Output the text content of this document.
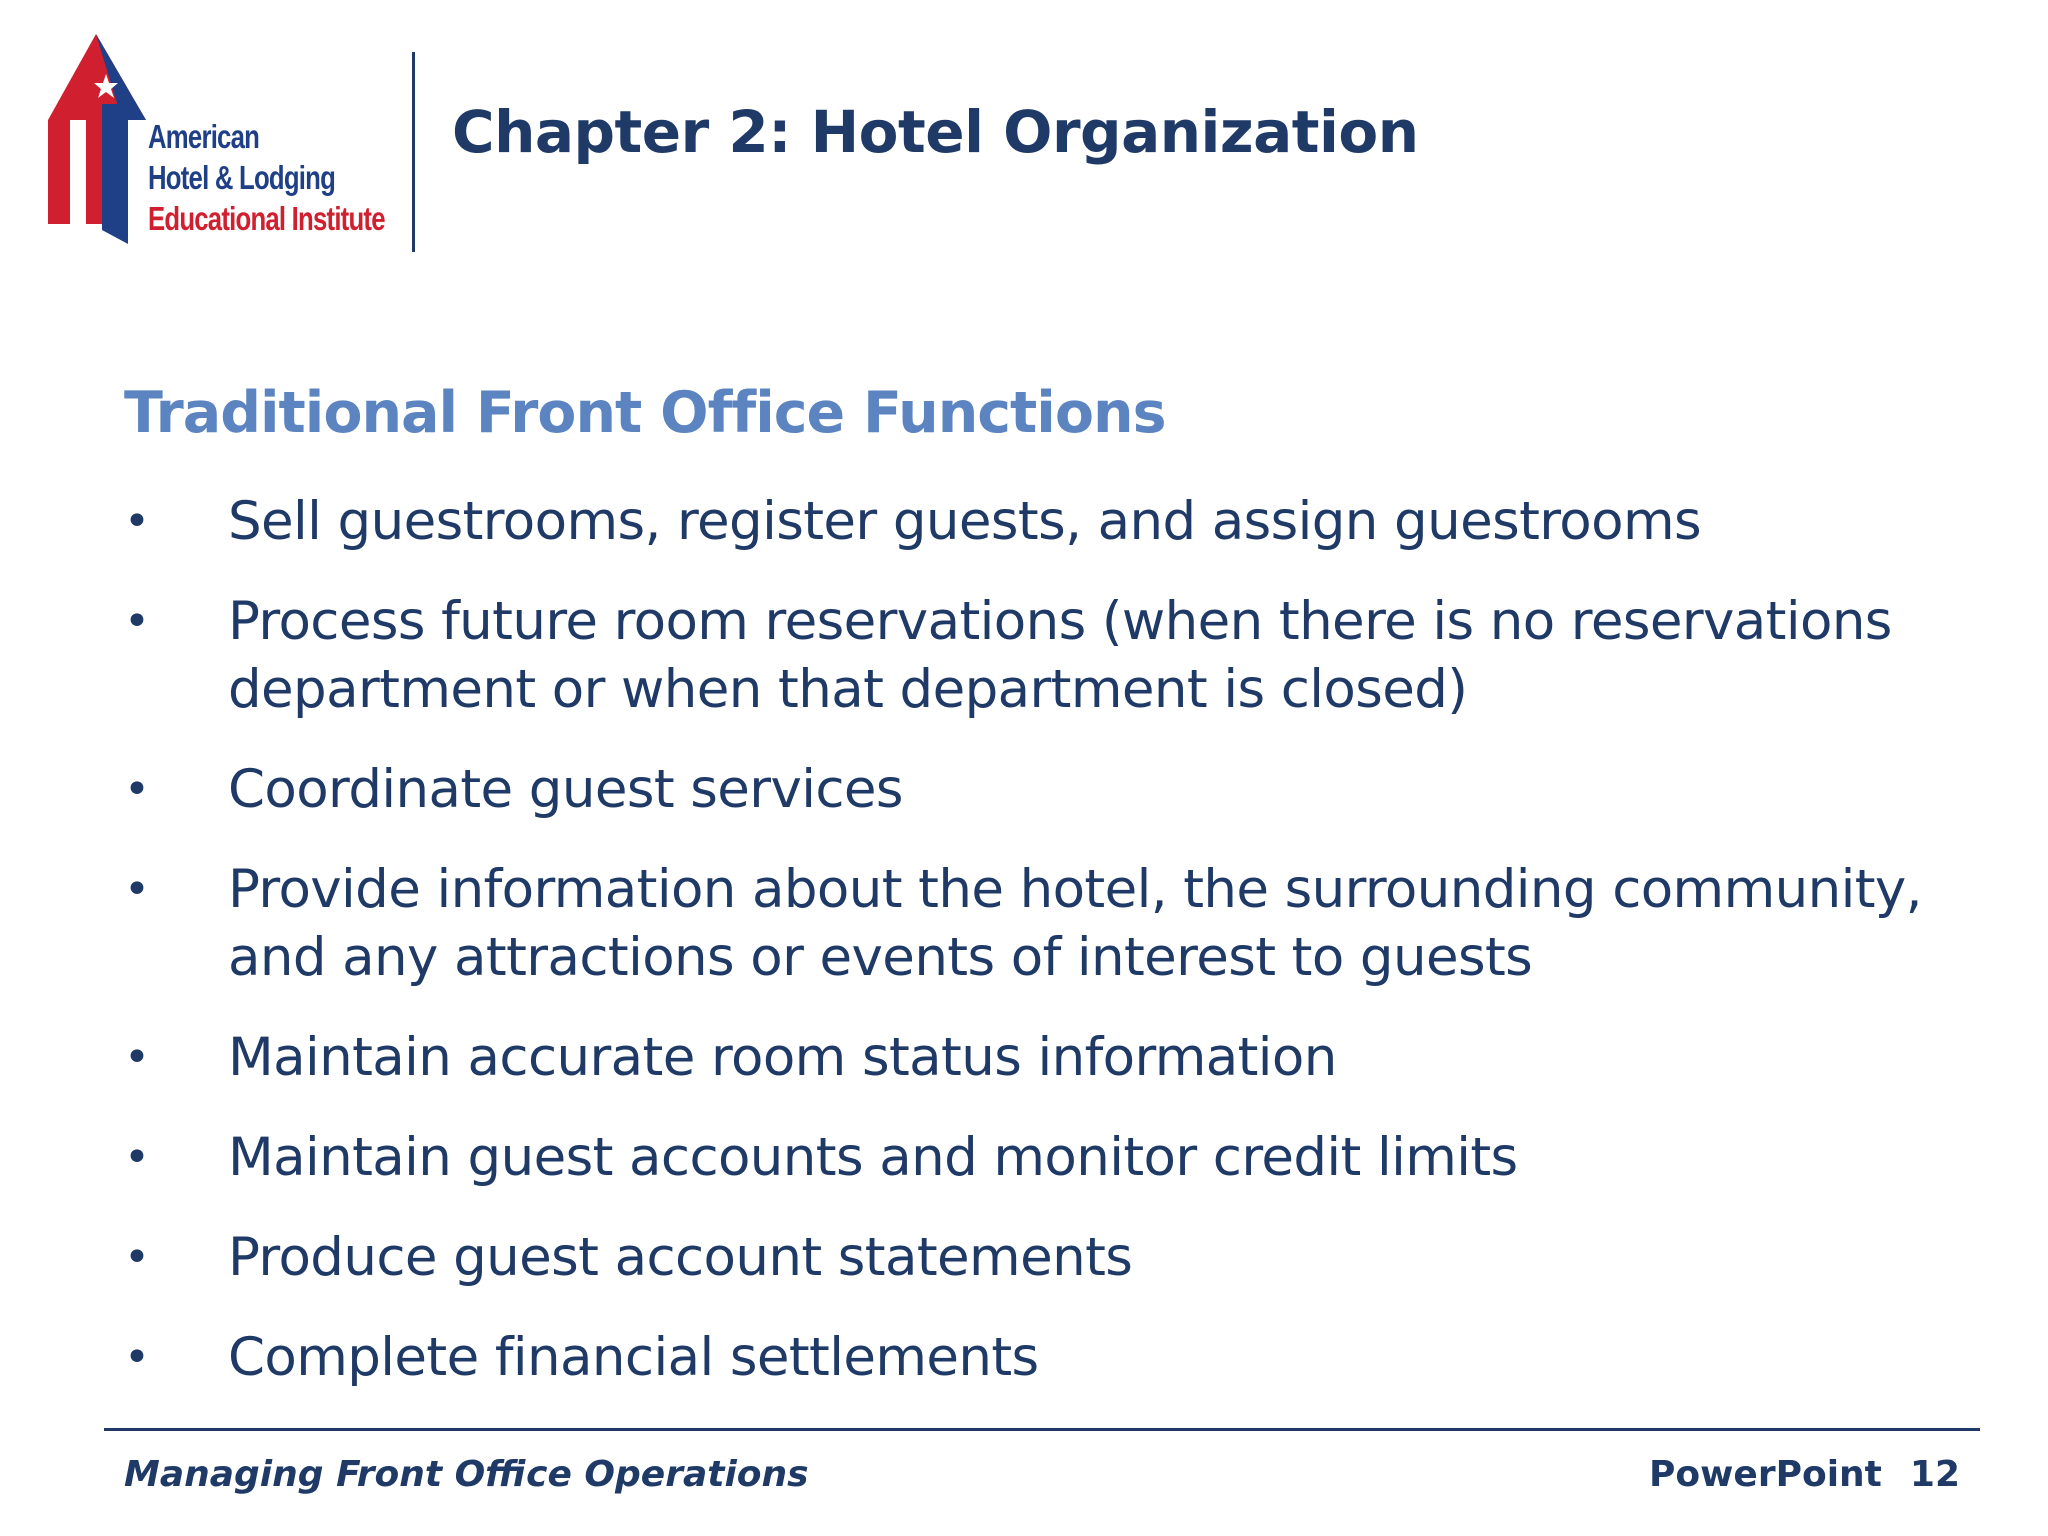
American
Hotel & Lodging
Educational Institute
Chapter 2: Hotel Organization
Traditional Front Office Functions
• Sell guestrooms, register guests, and assign guestrooms
• Process future room reservations (when there is no reservations department or when that department is closed)
• Coordinate guest services
• Provide information about the hotel, the surrounding community, and any attractions or events of interest to guests
• Maintain accurate room status information
• Maintain guest accounts and monitor credit limits
• Produce guest account statements
• Complete financial settlements
Managing Front Office Operations	PowerPoint 12
